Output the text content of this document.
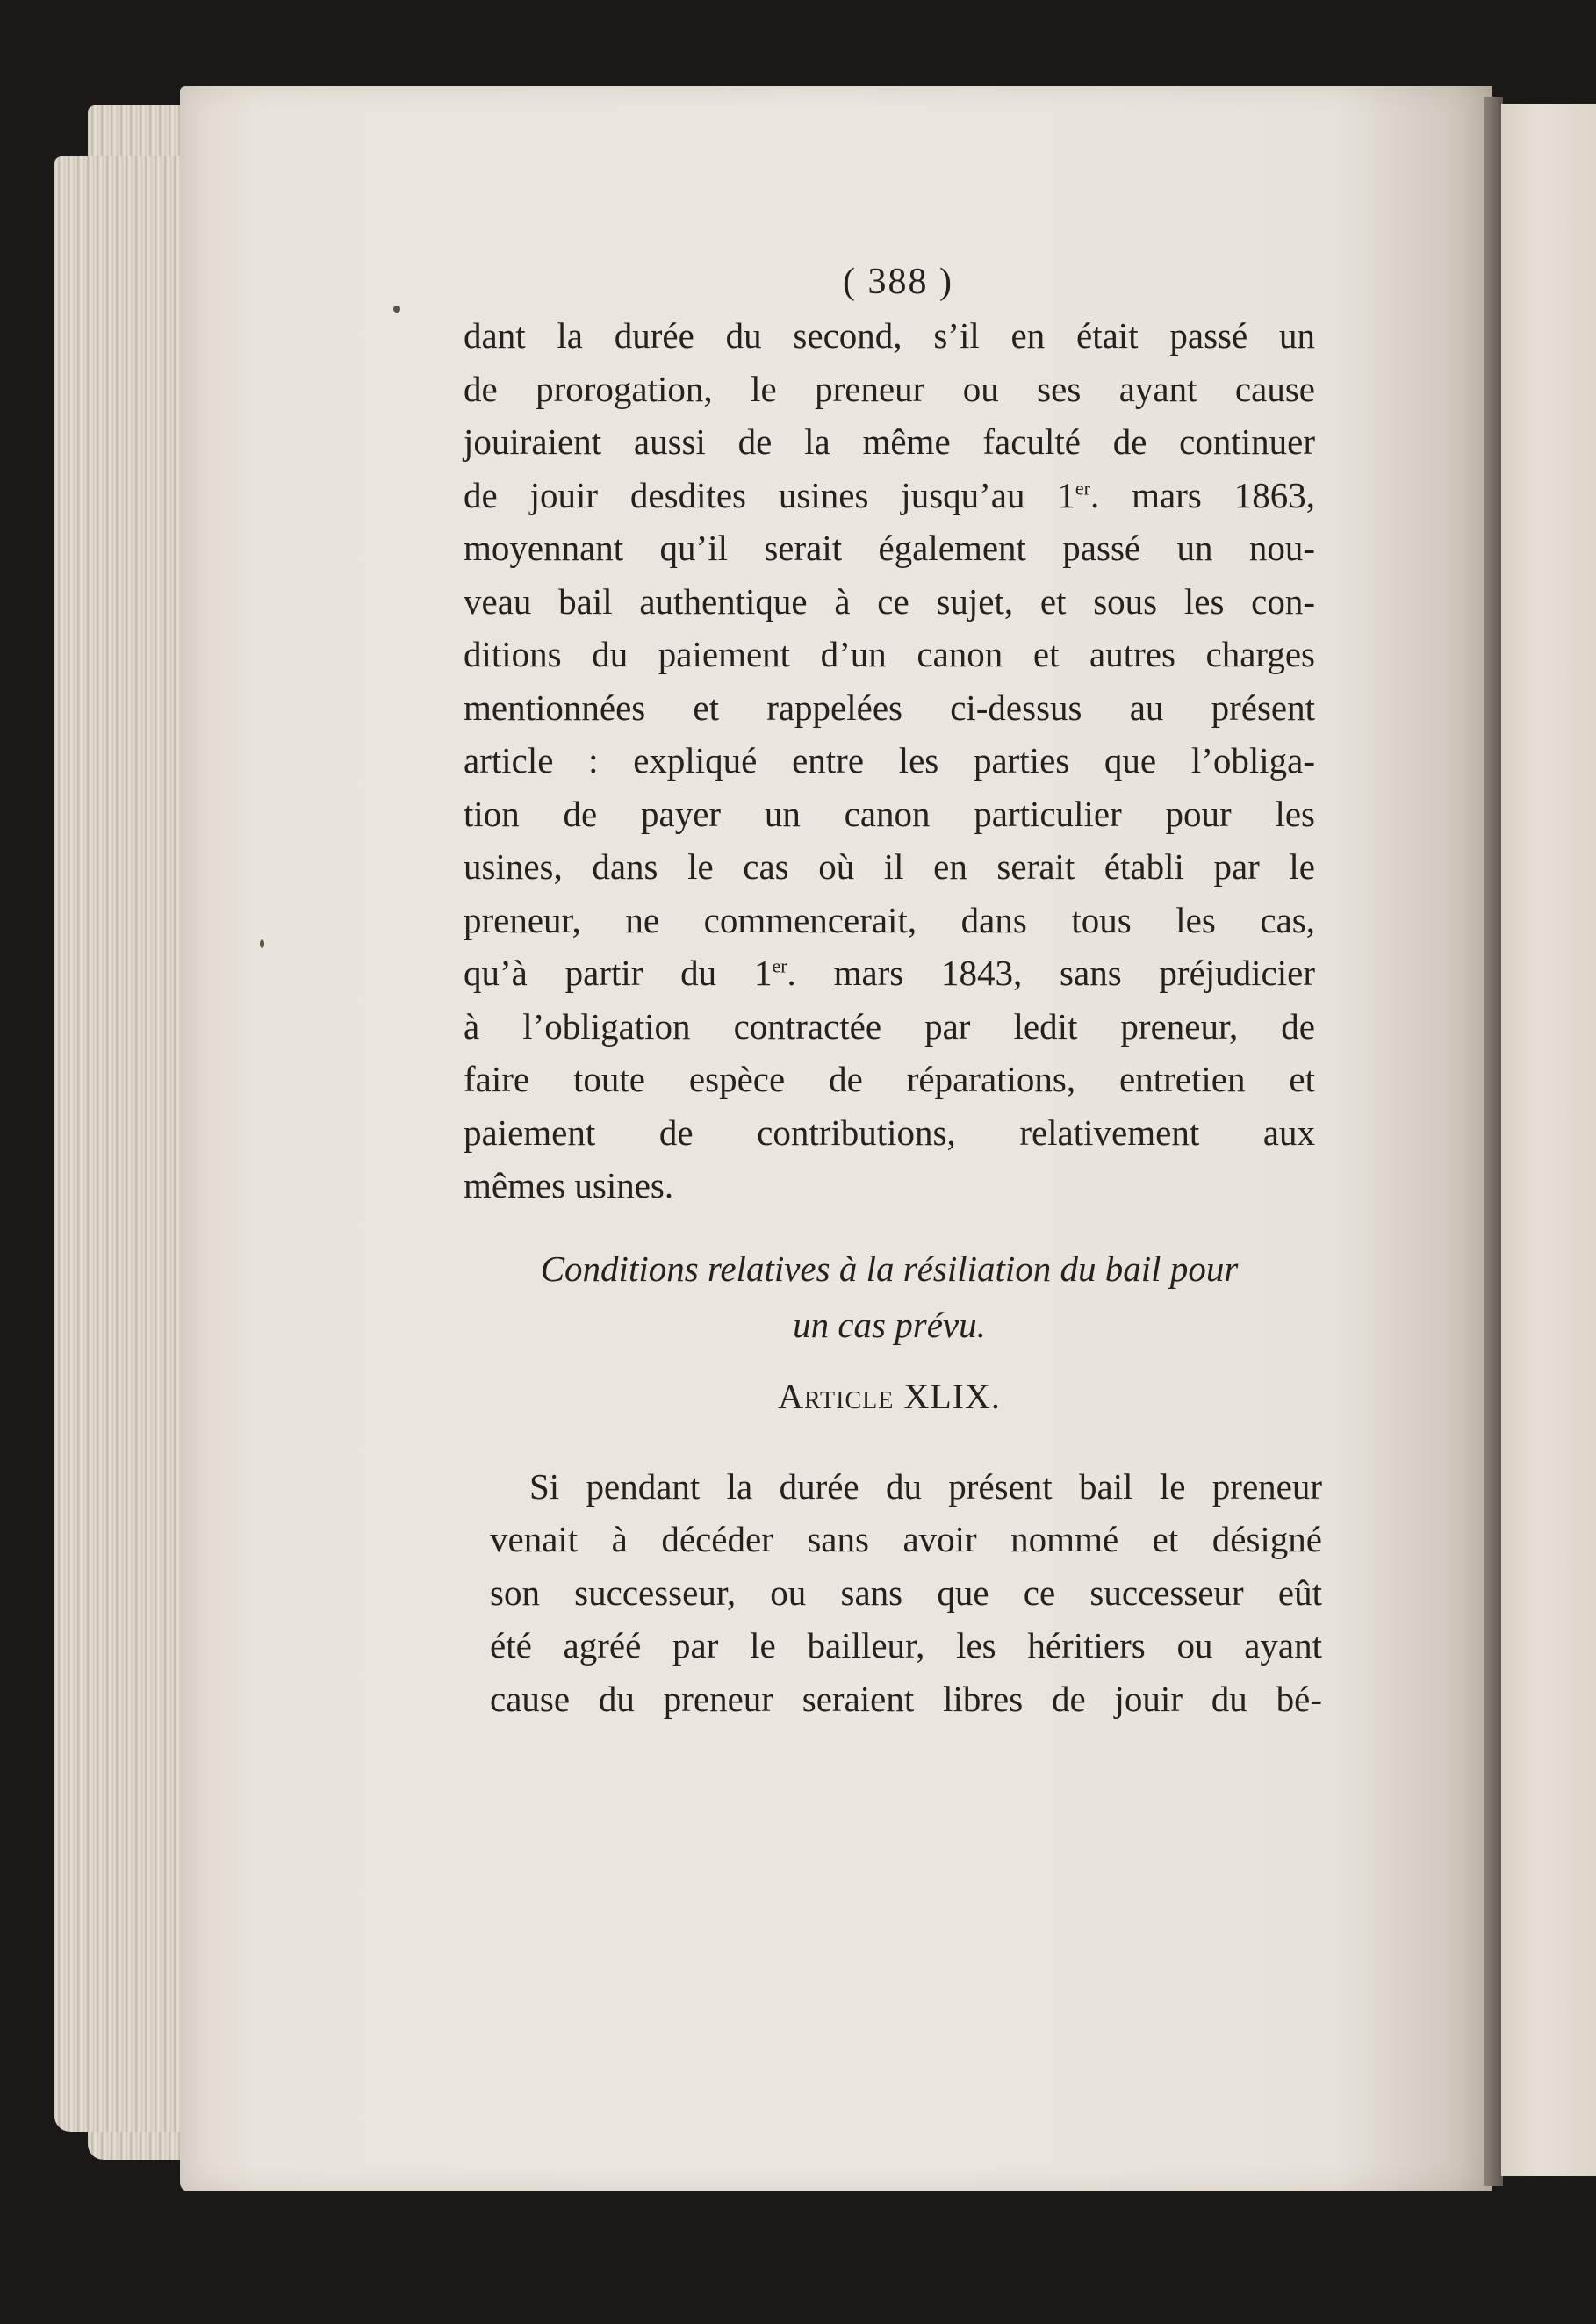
( 388 )
dant la durée du second, s’il en était passé un
de prorogation, le preneur ou ses ayant cause
jouiraient aussi de la même faculté de continuer
de jouir desdites usines jusqu’au 1er. mars 1863,
moyennant qu’il serait également passé un nou-
veau bail authentique à ce sujet, et sous les con-
ditions du paiement d’un canon et autres charges
mentionnées et rappelées ci-dessus au présent
article : expliqué entre les parties que l’obliga-
tion de payer un canon particulier pour les
usines, dans le cas où il en serait établi par le
preneur, ne commencerait, dans tous les cas,
qu’à partir du 1er. mars 1843, sans préjudicier
à l’obligation contractée par ledit preneur, de
faire toute espèce de réparations, entretien et
paiement de contributions, relativement aux
mêmes usines.
Conditions relatives à la résiliation du bail pour
un cas prévu.
Article XLIX.
Si pendant la durée du présent bail le preneur
venait à décéder sans avoir nommé et désigné
son successeur, ou sans que ce successeur eût
été agréé par le bailleur, les héritiers ou ayant
cause du preneur seraient libres de jouir du bé-
